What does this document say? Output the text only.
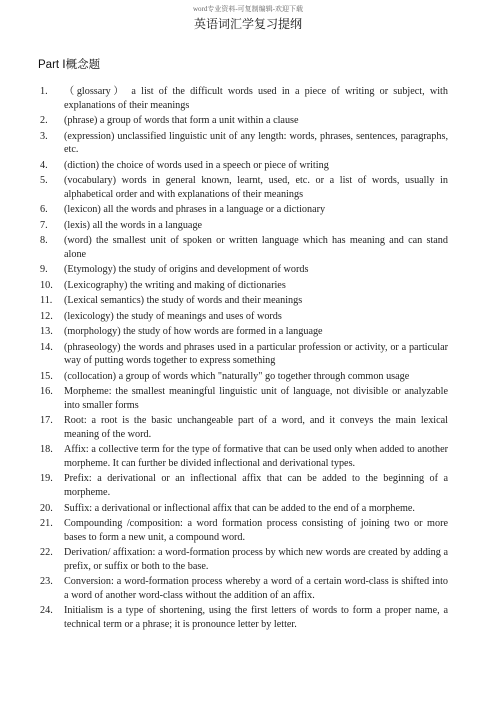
word专业资料-可复制编辑-欢迎下载
英语词汇学复习提纲
Part Ⅰ概念题
1. （glossary） a list of the difficult words used in a piece of writing or subject, with explanations of their meanings
2. (phrase) a group of words that form a unit within a clause
3. (expression) unclassified linguistic unit of any length: words, phrases, sentences, paragraphs, etc.
4. (diction) the choice of words used in a speech or piece of writing
5. (vocabulary) words in general known, learnt, used, etc. or a list of words, usually in alphabetical order and with explanations of their meanings
6. (lexicon) all the words and phrases in a language or a dictionary
7. (lexis) all the words in a language
8. (word) the smallest unit of spoken or written language which has meaning and can stand alone
9. (Etymology) the study of origins and development of words
10. (Lexicography) the writing and making of dictionaries
11. (Lexical semantics) the study of words and their meanings
12. (lexicology) the study of meanings and uses of words
13. (morphology) the study of how words are formed in a language
14. (phraseology) the words and phrases used in a particular profession or activity, or a particular way of putting words together to express something
15. (collocation) a group of words which "naturally" go together through common usage
16. Morpheme: the smallest meaningful linguistic unit of language, not divisible or analyzable into smaller forms
17. Root: a root is the basic unchangeable part of a word, and it conveys the main lexical meaning of the word.
18. Affix: a collective term for the type of formative that can be used only when added to another morpheme. It can further be divided inflectional and derivational types.
19. Prefix: a derivational or an inflectional affix that can be added to the beginning of a morpheme.
20. Suffix: a derivational or inflectional affix that can be added to the end of a morpheme.
21. Compounding /composition: a word formation process consisting of joining two or more bases to form a new unit, a compound word.
22. Derivation/ affixation: a word-formation process by which new words are created by adding a prefix, or suffix or both to the base.
23. Conversion: a word-formation process whereby a word of a certain word-class is shifted into a word of another word-class without the addition of an affix.
24. Initialism is a type of shortening, using the first letters of words to form a proper name, a technical term or a phrase; it is pronounce letter by letter.
